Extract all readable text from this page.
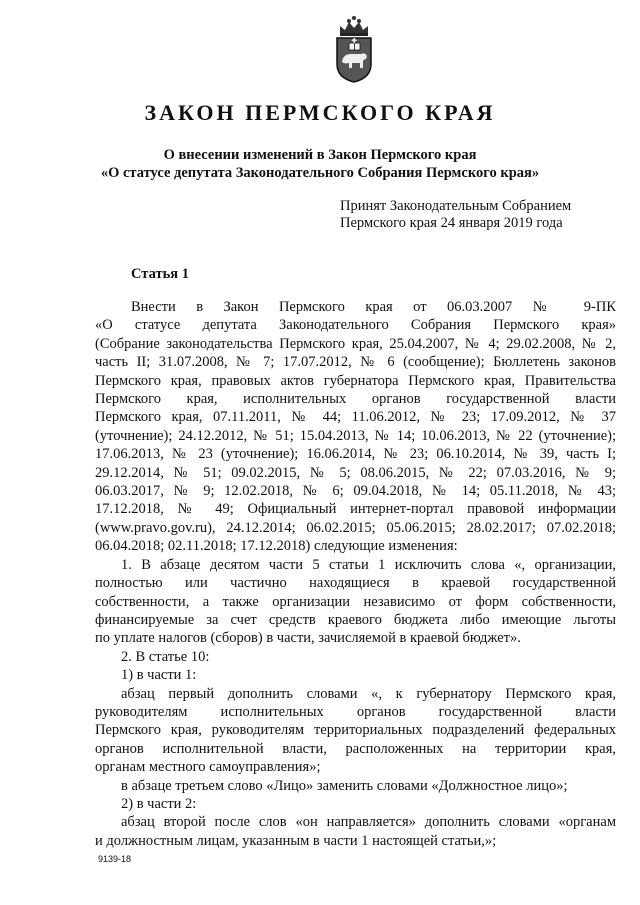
ЗАКОН ПЕРМСКОГО КРАЯ
О внесении изменений в Закон Пермского края
«О статусе депутата Законодательного Собрания Пермского края»
Принят Законодательным Собранием
Пермского края 24 января 2019 года
Статья 1

Внести в Закон Пермского края от 06.03.2007 № 9-ПК

«О статусе депутата Законодательного Собрания Пермского края»

(Собрание законодательства Пермского края, 25.04.2007, № 4; 29.02.2008, № 2,

часть II; 31.07.2008, № 7; 17.07.2012, № 6 (сообщение); Бюллетень законов

Пермского края, правовых актов губернатора Пермского края, Правительства

Пермского края, исполнительных органов государственной власти

Пермского края, 07.11.2011, № 44; 11.06.2012, № 23; 17.09.2012, № 37

(уточнение); 24.12.2012, № 51; 15.04.2013, № 14; 10.06.2013, № 22 (уточнение);

17.06.2013, № 23 (уточнение); 16.06.2014, № 23; 06.10.2014, № 39, часть I;

29.12.2014, № 51; 09.02.2015, № 5; 08.06.2015, № 22; 07.03.2016, № 9;

06.03.2017, № 9; 12.02.2018, № 6; 09.04.2018, № 14; 05.11.2018, № 43;

17.12.2018, № 49; Официальный интернет-портал правовой информации

(www.pravo.gov.ru), 24.12.2014; 06.02.2015; 05.06.2015; 28.02.2017; 07.02.2018;

06.04.2018; 02.11.2018; 17.12.2018) следующие изменения:

1. В абзаце десятом части 5 статьи 1 исключить слова «, организации,

полностью или частично находящиеся в краевой государственной

собственности, а также организации независимо от форм собственности,

финансируемые за счет средств краевого бюджета либо имеющие льготы

по уплате налогов (сборов) в части, зачисляемой в краевой бюджет».

2. В статье 10:

1) в части 1:

абзац первый дополнить словами «, к губернатору Пермского края,

руководителям исполнительных органов государственной власти

Пермского края, руководителям территориальных подразделений федеральных

органов исполнительной власти, расположенных на территории края,

органам местного самоуправления»;

в абзаце третьем слово «Лицо» заменить словами «Должностное лицо»;

2) в части 2:

абзац второй после слов «он направляется» дополнить словами «органам

и должностным лицам, указанным в части 1 настоящей статьи,»;

9139-18
